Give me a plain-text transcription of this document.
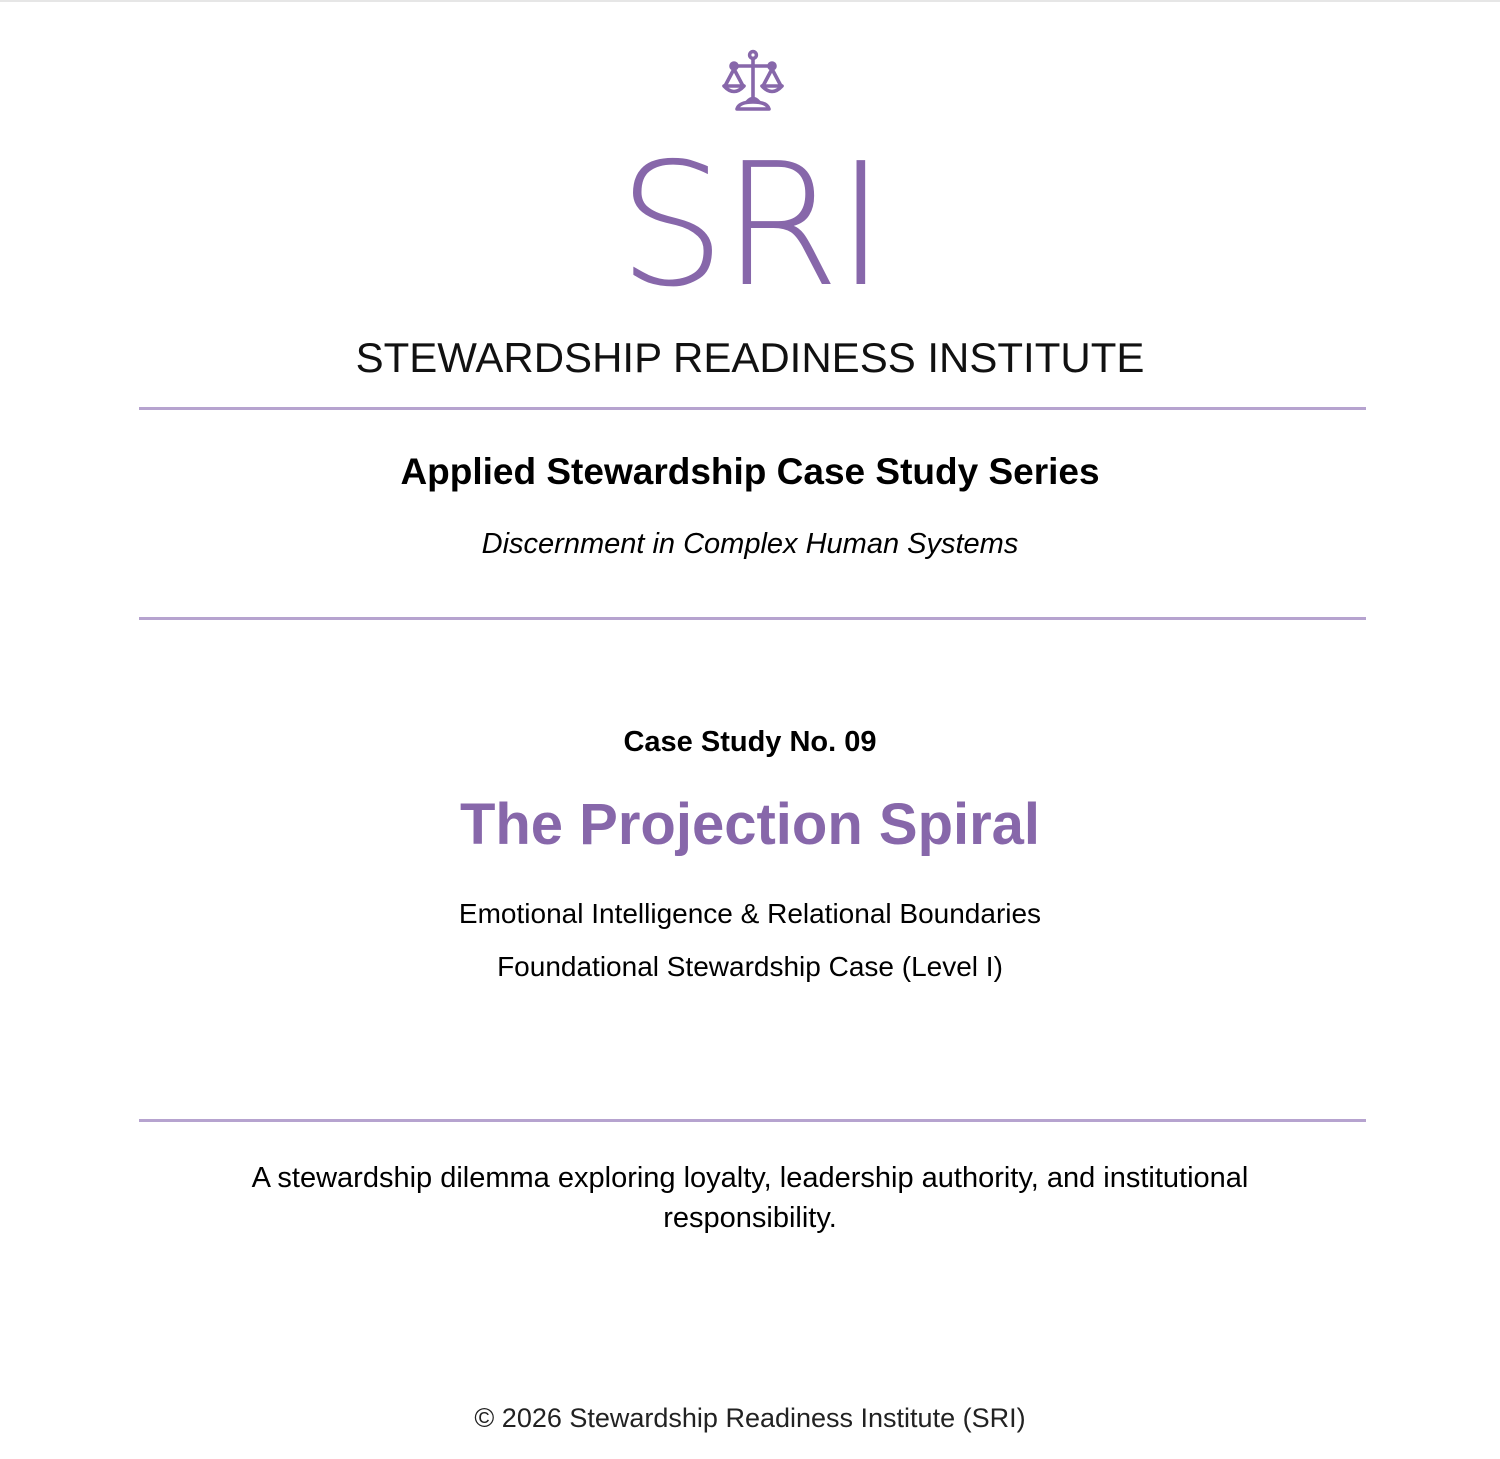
SRI
STEWARDSHIP READINESS INSTITUTE
Applied Stewardship Case Study Series
Discernment in Complex Human Systems
Case Study No. 09
The Projection Spiral
Emotional Intelligence & Relational Boundaries
Foundational Stewardship Case (Level I)
A stewardship dilemma exploring loyalty, leadership authority, and institutional responsibility.
© 2026 Stewardship Readiness Institute (SRI)
